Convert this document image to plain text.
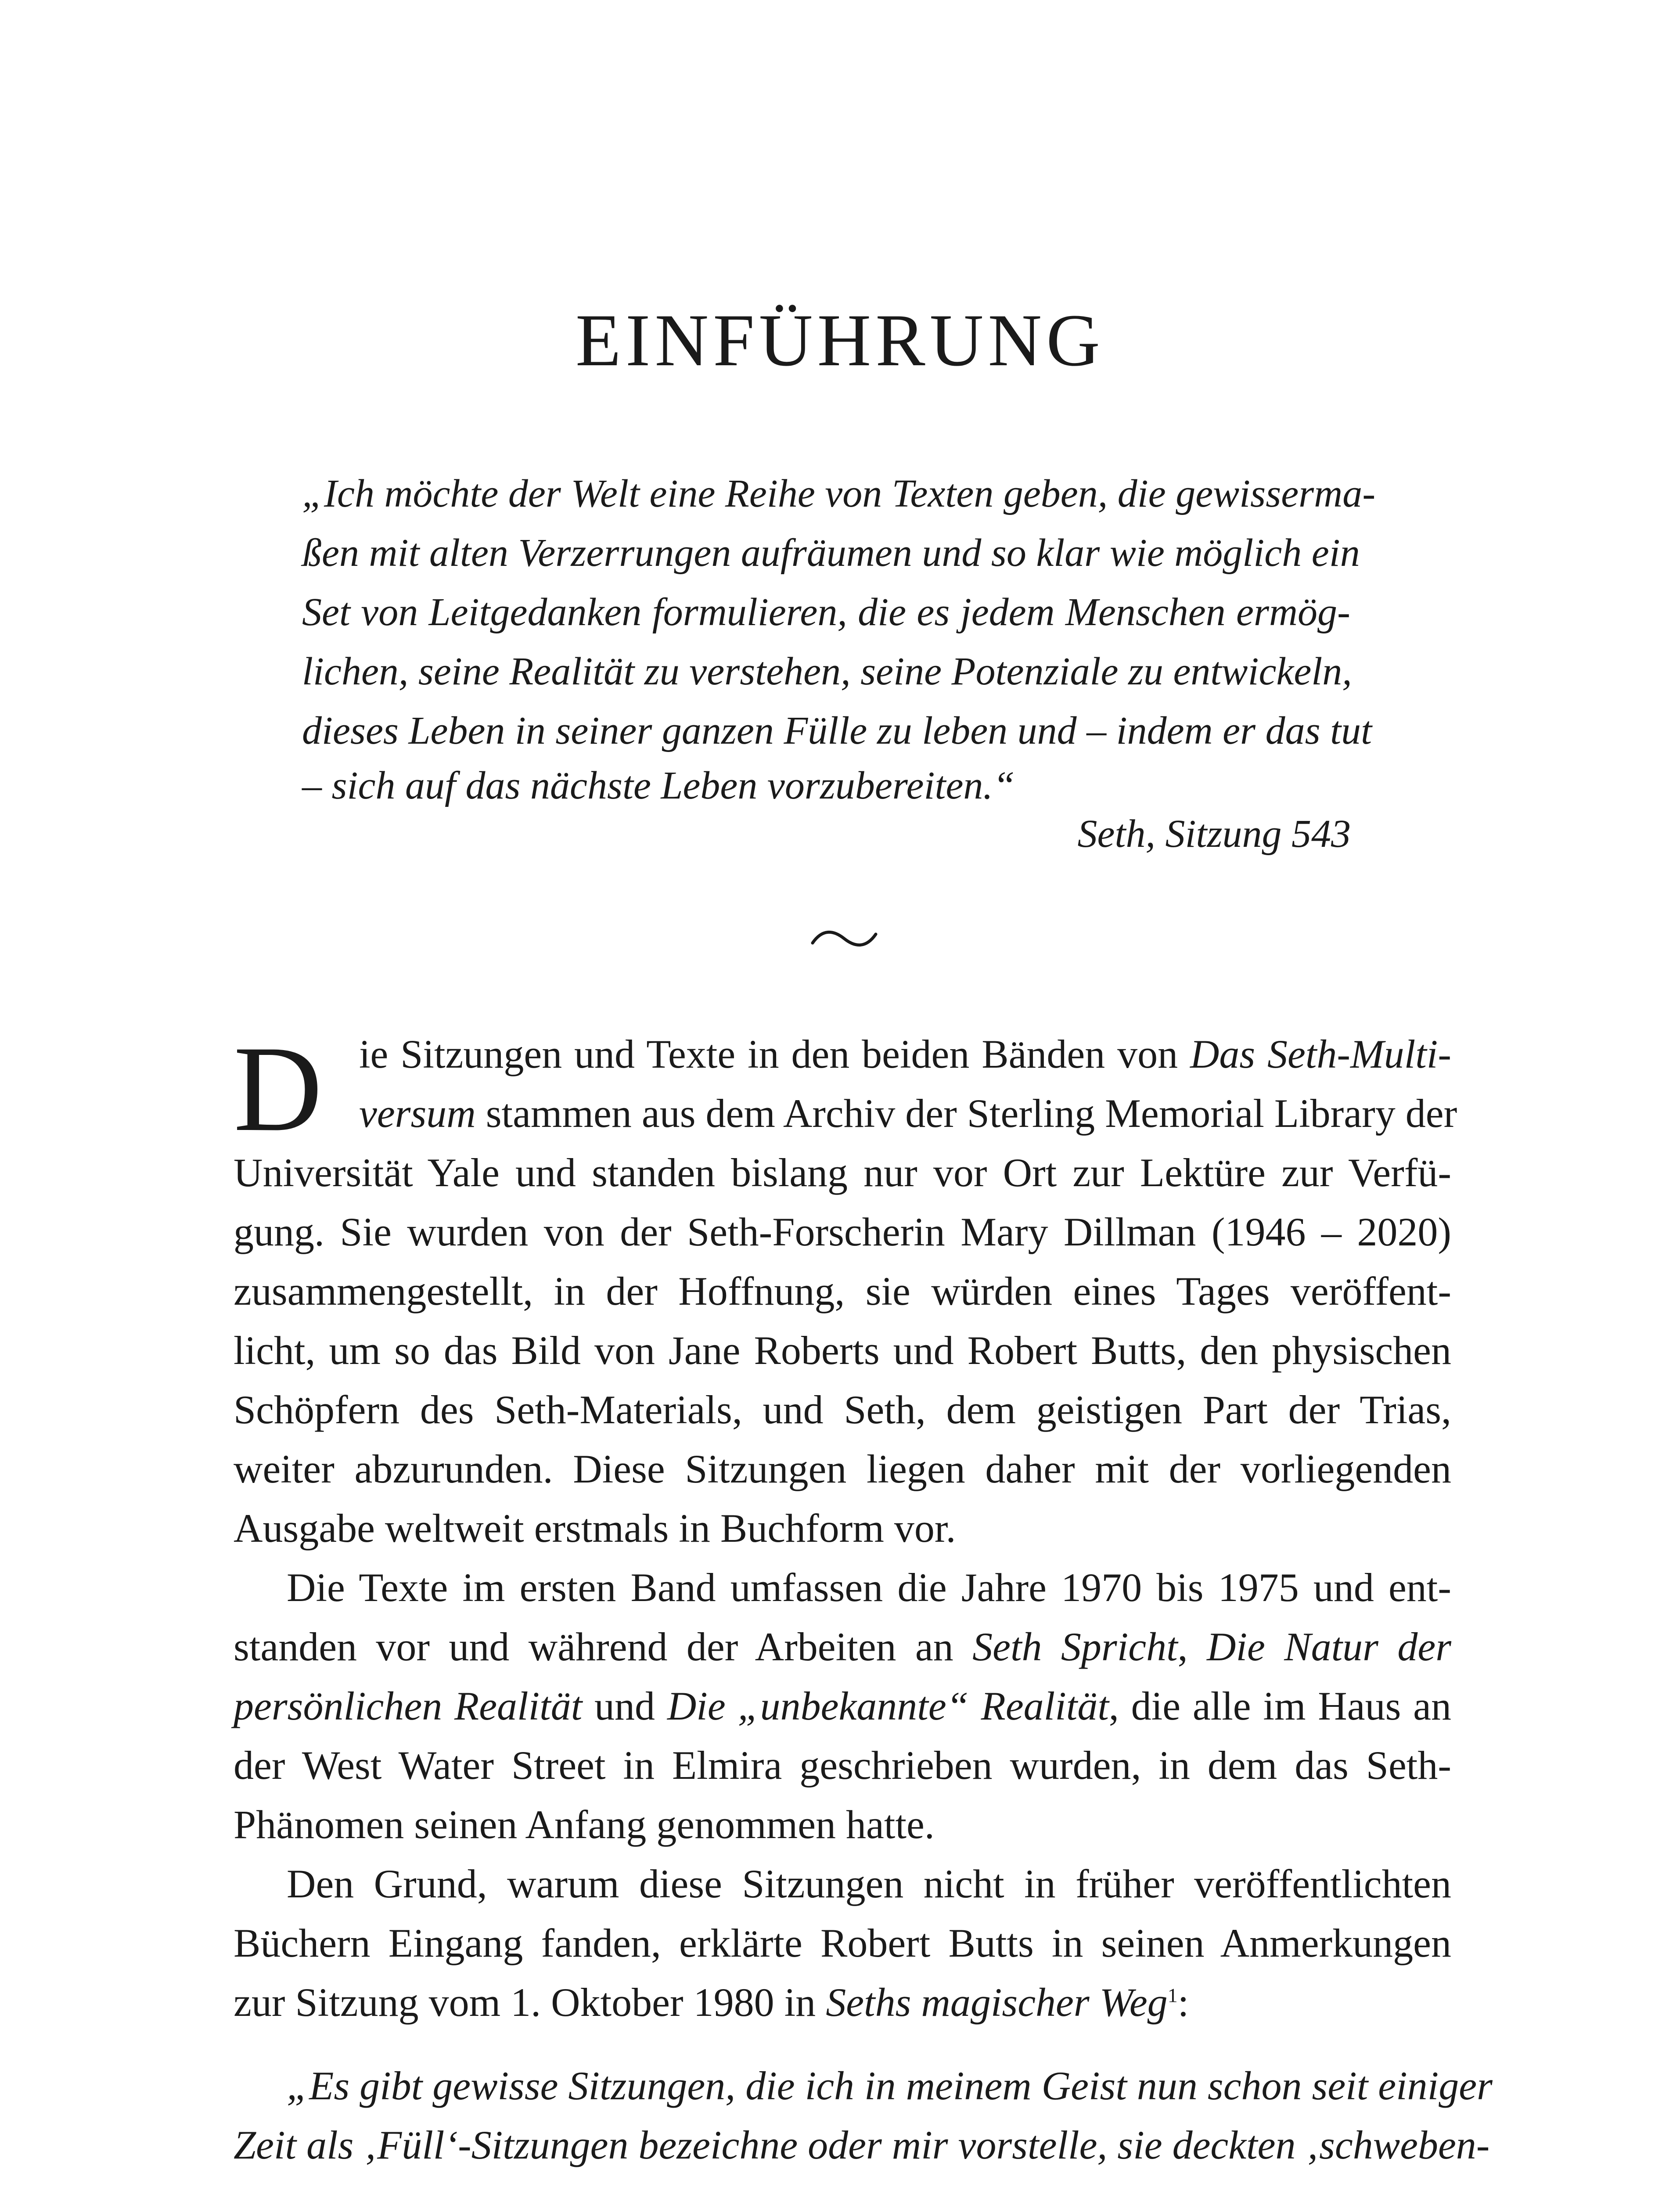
EINFÜHRUNG
„Ich möchte der Welt eine Reihe von Texten geben, die gewisserma-
ßen mit alten Verzerrungen aufräumen und so klar wie möglich ein
Set von Leitgedanken formulieren, die es jedem Menschen ermög-
lichen, seine Realität zu verstehen, seine Potenziale zu entwickeln,
dieses Leben in seiner ganzen Fülle zu leben und – indem er das tut
– sich auf das nächste Leben vorzubereiten.“
Seth, Sitzung 543
D ie Sitzungen und Texte in den beiden Bänden von Das Seth-Multi-
versum stammen aus dem Archiv der Sterling Memorial Library der
Universität Yale und standen bislang nur vor Ort zur Lektüre zur Verfü-
gung. Sie wurden von der Seth-Forscherin Mary Dillman (1946 – 2020)
zusammengestellt, in der Hoffnung, sie würden eines Tages veröffent-
licht, um so das Bild von Jane Roberts und Robert Butts, den physischen
Schöpfern des Seth-Materials, und Seth, dem geistigen Part der Trias,
weiter abzurunden. Diese Sitzungen liegen daher mit der vorliegenden
Ausgabe weltweit erstmals in Buchform vor.
Die Texte im ersten Band umfassen die Jahre 1970 bis 1975 und ent-
standen vor und während der Arbeiten an Seth Spricht, Die Natur der
persönlichen Realität und Die „unbekannte“ Realität, die alle im Haus an
der West Water Street in Elmira geschrieben wurden, in dem das Seth-
Phänomen seinen Anfang genommen hatte.
Den Grund, warum diese Sitzungen nicht in früher veröffentlichten
Büchern Eingang fanden, erklärte Robert Butts in seinen Anmerkungen
zur Sitzung vom 1. Oktober 1980 in Seths magischer Weg$^1$:
„Es gibt gewisse Sitzungen, die ich in meinem Geist nun schon seit einiger
Zeit als ‚Füll‘-Sitzungen bezeichne oder mir vorstelle, sie deckten ‚schweben-
